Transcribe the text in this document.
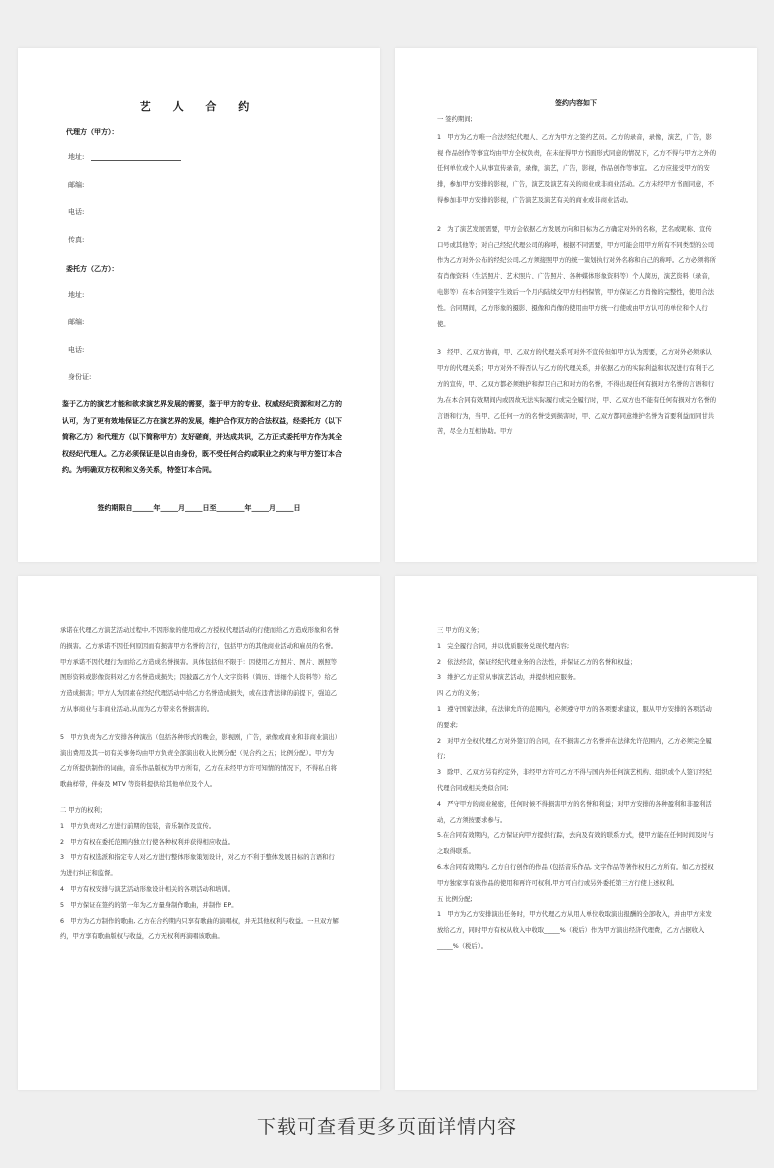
艺 人 合 约
代理方（甲方）：
地址:
邮编:
电话:
传真:
委托方（乙方）：
地址:
邮编:
电话:
身份证:
鉴于乙方的演艺才能和欲求演艺界发展的需要，鉴于甲方的专业、权威经纪资源和对乙方的认可，为了更有效地保证乙方在演艺界的发展，维护合作双方的合法权益，经委托方（以下简称乙方）和代理方（以下简称甲方）友好磋商，并达成共识，乙方正式委托甲方作为其全权经纪代理人。乙方必须保证是以自由身份，既不受任何合约或职业之约束与甲方签订本合约。为明确双方权利和义务关系，特签订本合同。
签约期限自______年_____月_____日至________年_____月_____日
签约内容如下

一 签约期间;

1　甲方为乙方唯一合法经纪代理人、乙方为甲方之签约艺员。乙方的录音，录像，演艺，广告，影视 作品创作等事宜均由甲方全权负责，在未征得甲方书面形式同意的情况下，乙方不得与甲方之外的任何单位或个人从事宣传录音，录像，演艺，广告，影视，作品创作等事宜。 乙方应接受甲方的安排，参加甲方安排的影视，广告，演艺及演艺有关的商业或非商业活动。乙方未经甲方书面同意，不得参加非甲方安排的影视，广告演艺及演艺有关的商业或非商业活动。

2　为了演艺发展需要，甲方会依据乙方发展方向和目标为乙方确定对外的名称，艺名或昵称、宣传口号或其他等；对自己经纪代理公司的称呼，根据不同需要，甲方可能会用甲方所有不同类型的公司作为乙方对外公布的经纪公司,乙方须接照甲方的统一策划执行对外名称和自己的称呼。乙方必须将所有肖像资料（生活照片、艺术照片、广告照片、各种媒体形象资料等）个人简历，演艺资料（录音，电影等）在本合同签字生效后一个月内陆续交甲方归档保管，甲方保证乙方肖像的完整性，使用合法性。合同期间，乙方形象的摄影、摄像和肖像的使用由甲方统一行使或由甲方认可的单位和个人行使。

3　经甲、乙双方协商，甲、乙双方的代理关系可对外不宣传但如甲方认为需要，乙方对外必须承认甲方的代理关系；甲方对外不得否认与乙方的代理关系，并依据乙方的实际利益和状况进行有利于乙方的宣传，甲、乙双方都必须维护和捍卫自己和对方的名誉，不得出现任何有损对方名誉的言语和行为,在本合同有效期间内或因故无法实际履行或完全履行时，甲、乙双方也不能有任何有损对方名誉的言语和行为，当甲、乙任何一方的名誉受到损害时，甲、乙双方都同意维护名誉为首要利益而同甘共苦，尽全力互相协助。甲方

承诺在代理乙方演艺活动过程中,不因形象的使用或乙方授权代理活动的行使而给乙方造成形象和名誉的损害。乙方承诺不因任何原因而有损害甲方名誉的言行，包括甲方的其他商业活动和雇员的名誉。甲方承诺不因代理行为而给乙方造成名誉损害。具体包括但不限于：因使用乙方照片、图片、剧照等图形资料或影像资料对乙方名誉造成损失；因披露乙方个人文字资料（简历、详细个人资料等）给乙方造成损害；甲方人为因素在经纪代理活动中给乙方名誉造成损失，或在违背法律的前提下，强迫乙方从事商业与非商业活动,从而为乙方带来名誉损害的。

5　甲方负责为乙方安排各种演出（包括各种形式的晚会，影视剧，广告，录像或商业和非商业演出）演出费用及其一切有关事务均由甲方负责全部演出收入比例分配（见合约之五；比例分配）。甲方为乙方所提供制作的词曲，音乐作品版权为甲方所有，乙方在未经甲方许可知情的情况下，不得私自将歌曲样带，伴奏及 MTV 等资料提供给其他单位及个人。

二 甲方的权利；

1　甲方负责对乙方进行前期的包装，音乐制作及宣传。

2　甲方有权在委托范围内独立行使各种权利并获得相应收益。

3　甲方有权选派和指定专人对乙方进行整体形象策划设计，对乙方不利于整体发展目标的言语和行为进行纠正和监督。

4　甲方有权安排与演艺活动形象设计相关的各项活动和培训。

5　甲方保证在签约的第一年为乙方量身制作歌曲，并制作 EP。

6　甲方为乙方制作的歌曲, 乙方在合约期内只享有歌曲的演唱权，并无其他权利与收益。一旦双方解约，甲方享有歌曲版权与收益，乙方无权利再演唱该歌曲。

三 甲方的义务；

1　完全履行合同，并以优质服务兑现代理内容;

2　依法经营，保证经纪代理业务的合法性，并保证乙方的名誉和权益；

3　维护乙方正常从事演艺活动，并提供相应服务。

四 乙方的义务；

1　遵守国家法律，在法律允许的范围内，必须遵守甲方的各项要求建议，服从甲方安排的各项活动的要求;

2　对甲方全权代理乙方对外签订的合同，在不损害乙方名誉并在法律允许范围内，乙方必须完全履行;

3　除甲、乙双方另有约定外，非经甲方许可乙方不得与国内外任何演艺机构、组织或个人签订经纪代理合同或相关类似合同;

4　严守甲方的商业秘密，任何时候不得损害甲方的名誉和利益；对甲方安排的各种盈利和非盈利活动，乙方须按要求参与。

5.在合同有效期内，乙方保证向甲方提供行踪，去向及有效的联系方式，使甲方能在任何时间及时与之取得联系。

6.本合同有效期内, 乙方自行创作的作品 (包括音乐作品, 文字作品等著作权归乙方所有。如乙方授权甲方独家享有该作品的使用和再许可权利,甲方可自行或另外委托第三方行使上述权利。

五 比例分配;

1　甲方为乙方安排演出任务时，甲方代理乙方从用人单位收取演出报酬的全部收入，并由甲方来发放给乙方，同时甲方有权从收入中收取_____%（税后）作为甲方演出经济代理费，乙方占据收入_____%（税后）。

下载可查看更多页面详情内容
